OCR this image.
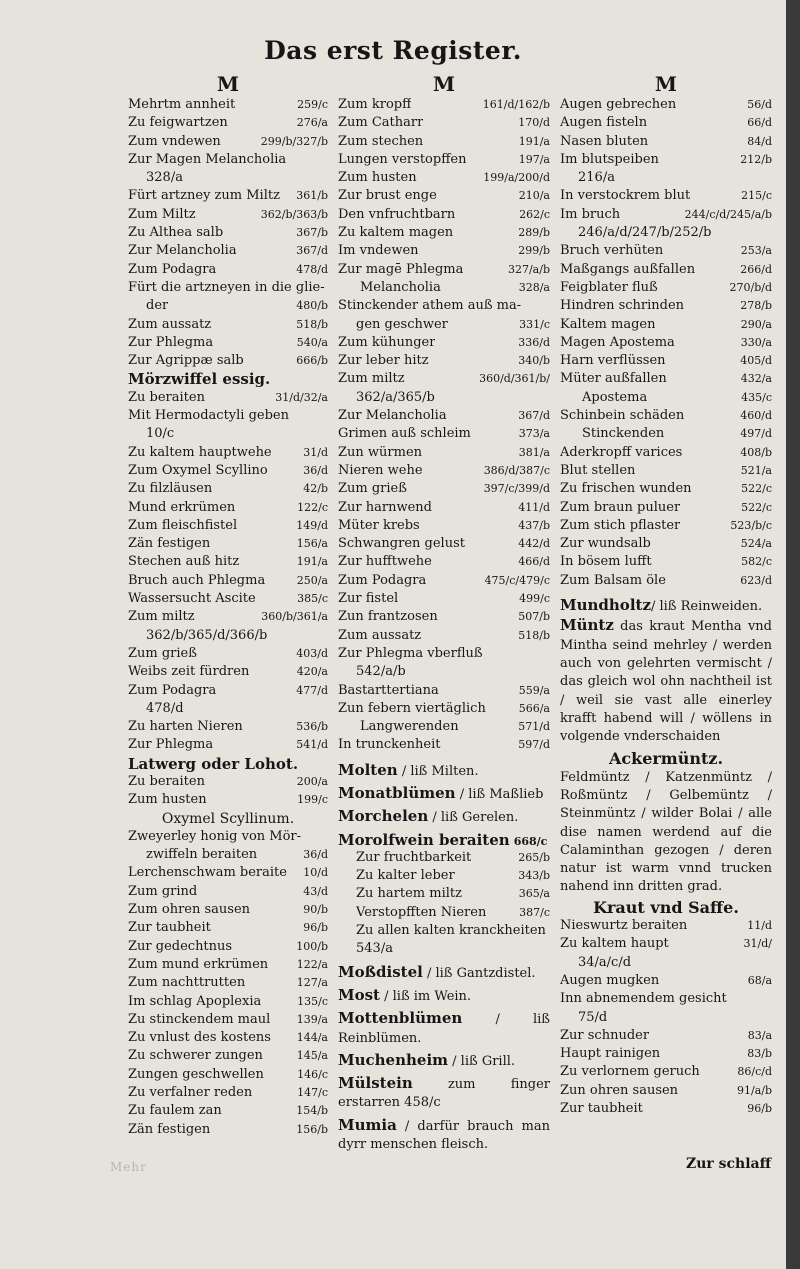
Das erst Register.
M	M	M
Mehrtm annheit	259/c
Zu feigwartzen	276/a
Zum vndewen	299/b/327/b
Zur Magen Melancholia
328/a
Fürt artzney zum Miltz	361/b
Zum Miltz	362/b/363/b
Zu Althea salb	367/b
Zur Melancholia	367/d
Zum Podagra	478/d
Fürt die artzneyen in die glie-
der	480/b
Zum aussatz	518/b
Zur Phlegma	540/a
Zur Agrippæ salb	666/b
Mörzwiffel essig.
Zu beraiten	31/d/32/a
Mit Hermodactyli geben
10/c
Zu kaltem hauptwehe	31/d
Zum Oxymel Scyllino	36/d
Zu filzläusen	42/b
Mund erkrümen	122/c
Zum fleischfistel	149/d
Zän festigen	156/a
Stechen auß hitz	191/a
Bruch auch Phlegma	250/a
Wassersucht Ascite	385/c
Zum miltz	360/b/361/a
362/b/365/d/366/b
Zum grieß	403/d
Weibs zeit fürdren	420/a
Zum Podagra	477/d
478/d
Zu harten Nieren	536/b
Zur Phlegma	541/d
Latwerg oder Lohot.
Zu beraiten	200/a
Zum husten	199/c
Oxymel Scyllinum.
Zweyerley honig von Mör-
zwiffeln beraiten	36/d
Lerchenschwam beraite	10/d
Zum grind	43/d
Zum ohren sausen	90/b
Zur taubheit	96/b
Zur gedechtnus	100/b
Zum mund erkrümen	122/a
Zum nachttrutten	127/a
Im schlag Apoplexia	135/c
Zu stinckendem maul	139/a
Zu vnlust des kostens	144/a
Zu schwerer zungen	145/a
Zungen geschwellen	146/c
Zu verfalner reden	147/c
Zu faulem zan	154/b
Zän festigen	156/b
Zum kropff	161/d/162/b
Zum Catharr	170/d
Zum stechen	191/a
Lungen verstopffen	197/a
Zum husten	199/a/200/d
Zur brust enge	210/a
Den vnfruchtbarn	262/c
Zu kaltem magen	289/b
Im vndewen	299/b
Zur magē Phlegma	327/a/b
Melancholia	328/a
Stinckender athem auß ma-
gen geschwer	331/c
Zum kühunger	336/d
Zur leber hitz	340/b
Zum miltz	360/d/361/b/
362/a/365/b
Zur Melancholia	367/d
Grimen auß schleim	373/a
Zun würmen	381/a
Nieren wehe	386/d/387/c
Zum grieß	397/c/399/d
Zur harnwend	411/d
Müter krebs	437/b
Schwangren gelust	442/d
Zur hufftwehe	466/d
Zum Podagra	475/c/479/c
Zur fistel	499/c
Zun frantzosen	507/b
Zum aussatz	518/b
Zur Phlegma vberfluß
542/a/b
Bastarttertiana	559/a
Zun febern viertäglich	566/a
Langwerenden	571/d
In trunckenheit	597/d
Molten / liß Milten.
Monatblümen / liß Maßlieb
Morchelen / liß Gerelen.
Morolfwein beraiten 668/c
Zur fruchtbarkeit	265/b
Zu kalter leber	343/b
Zu hartem miltz	365/a
Verstopfften Nieren	387/c
Zu allen kalten kranckheiten
543/a
Moßdistel / liß Gantzdistel.
Most / liß im Wein.
Mottenblümen	/ liß Reinblümen.
Muchenheim / liß Grill.
Mülstein	zum finger erstarren 458/c
Mumia / darfür brauch man dyrr menschen fleisch.
Augen gebrechen	56/d
Augen fisteln	66/d
Nasen bluten	84/d
Im blutspeiben	212/b
216/a
In verstockrem blut	215/c
Im bruch	244/c/d/245/a/b
246/a/d/247/b/252/b
Bruch verhüten	253/a
Maßgangs außfallen	266/d
Feigblater fluß	270/b/d
Hindren schrinden	278/b
Kaltem magen	290/a
Magen Apostema	330/a
Harn verflüssen	405/d
Müter außfallen	432/a
Apostema	435/c
Schinbein schäden	460/d
Stinckenden	497/d
Aderkropff varices	408/b
Blut stellen	521/a
Zu frischen wunden	522/c
Zum braun puluer	522/c
Zum stich pflaster	523/b/c
Zur wundsalb	524/a
In bösem lufft	582/c
Zum Balsam öle	623/d
Mundholtz/ liß Reinweiden.
Müntz das kraut Mentha vnd Mintha seind mehrley / werden auch von gelehrten vermischt / das gleich wol ohn nachtheil ist / weil sie vast alle einerley krafft habend will / wöllens in volgende vnderschaiden
Ackermüntz.
Feldmüntz / Katzenmüntz / Roßmüntz / Gelbemüntz / Steinmüntz / wilder Bolai / alle dise namen werdend auf die Calaminthan gezogen / deren natur ist warm vnnd trucken nahend inn dritten grad.
Kraut vnd Saffe.
Nieswurtz beraiten	11/d
Zu kaltem haupt	31/d/
34/a/c/d
Augen mugken	68/a
Inn abnemendem gesicht
75/d
Zur schnuder	83/a
Haupt rainigen	83/b
Zu verlornem geruch	86/c/d
Zun ohren sausen	91/a/b
Zur taubheit	96/b
Mehr	Zur schlaff
